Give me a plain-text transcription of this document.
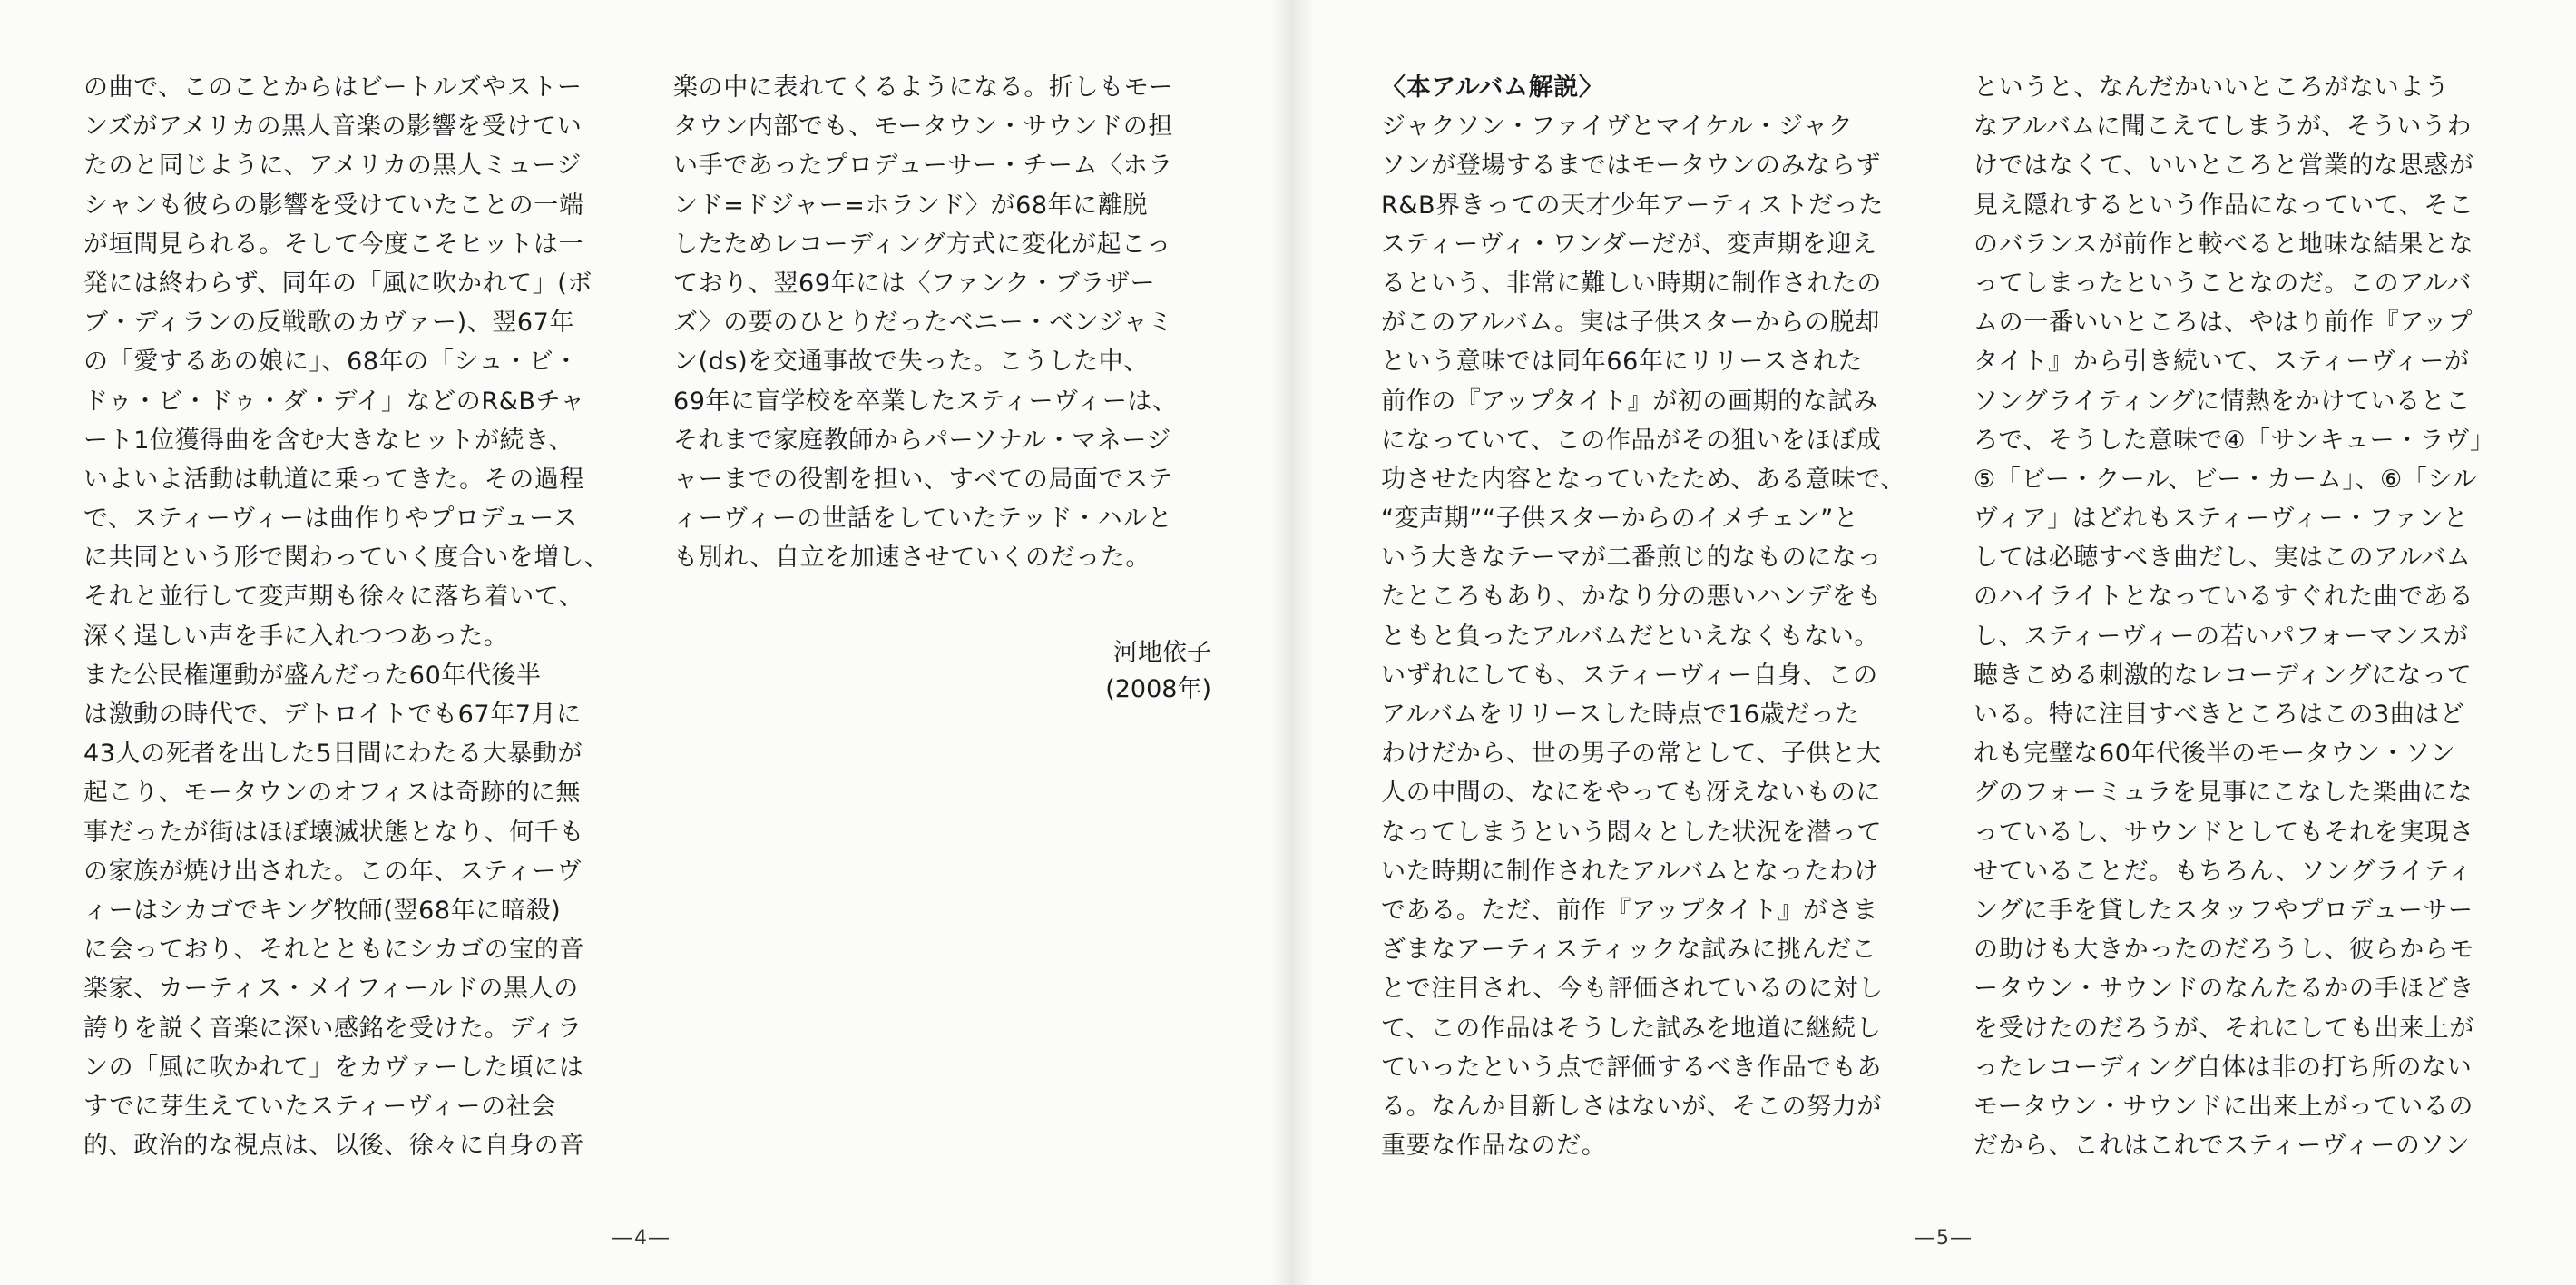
の曲で、このことからはビートルズやストー
ンズがアメリカの黒人音楽の影響を受けてい
たのと同じように、アメリカの黒人ミュージ
シャンも彼らの影響を受けていたことの一端
が垣間見られる。そして今度こそヒットは一
発には終わらず、同年の「風に吹かれて」(ボ
ブ・ディランの反戦歌のカヴァー)、翌67年
の「愛するあの娘に」、68年の「シュ・ビ・
ドゥ・ビ・ドゥ・ダ・デイ」などのR&Bチャ
ート1位獲得曲を含む大きなヒットが続き、
いよいよ活動は軌道に乗ってきた。その過程
で、スティーヴィーは曲作りやプロデュース
に共同という形で関わっていく度合いを増し、
それと並行して変声期も徐々に落ち着いて、
深く逞しい声を手に入れつつあった。
また公民権運動が盛んだった60年代後半
は激動の時代で、デトロイトでも67年7月に
43人の死者を出した5日間にわたる大暴動が
起こり、モータウンのオフィスは奇跡的に無
事だったが街はほぼ壊滅状態となり、何千も
の家族が焼け出された。この年、スティーヴ
ィーはシカゴでキング牧師(翌68年に暗殺)
に会っており、それとともにシカゴの宝的音
楽家、カーティス・メイフィールドの黒人の
誇りを説く音楽に深い感銘を受けた。ディラ
ンの「風に吹かれて」をカヴァーした頃には
すでに芽生えていたスティーヴィーの社会
的、政治的な視点は、以後、徐々に自身の音
楽の中に表れてくるようになる。折しもモー
タウン内部でも、モータウン・サウンドの担
い手であったプロデューサー・チーム〈ホラ
ンド=ドジャー=ホランド〉が68年に離脱
したためレコーディング方式に変化が起こっ
ており、翌69年には〈ファンク・ブラザー
ズ〉の要のひとりだったベニー・ベンジャミ
ン(ds)を交通事故で失った。こうした中、
69年に盲学校を卒業したスティーヴィーは、
それまで家庭教師からパーソナル・マネージ
ャーまでの役割を担い、すべての局面でステ
ィーヴィーの世話をしていたテッド・ハルと
も別れ、自立を加速させていくのだった。
〈本アルバム解説〉
ジャクソン・ファイヴとマイケル・ジャク
ソンが登場するまではモータウンのみならず
R&B界きっての天才少年アーティストだった
スティーヴィ・ワンダーだが、変声期を迎え
るという、非常に難しい時期に制作されたの
がこのアルバム。実は子供スターからの脱却
という意味では同年66年にリリースされた
前作の『アップタイト』が初の画期的な試み
になっていて、この作品がその狙いをほぼ成
功させた内容となっていたため、ある意味で、
“変声期”“子供スターからのイメチェン”と
いう大きなテーマが二番煎じ的なものになっ
たところもあり、かなり分の悪いハンデをも
ともと負ったアルバムだといえなくもない。
いずれにしても、スティーヴィー自身、この
アルバムをリリースした時点で16歳だった
わけだから、世の男子の常として、子供と大
人の中間の、なにをやっても冴えないものに
なってしまうという悶々とした状況を潜って
いた時期に制作されたアルバムとなったわけ
である。ただ、前作『アップタイト』がさま
ざまなアーティスティックな試みに挑んだこ
とで注目され、今も評価されているのに対し
て、この作品はそうした試みを地道に継続し
ていったという点で評価するべき作品でもあ
る。なんか目新しさはないが、そこの努力が
重要な作品なのだ。
というと、なんだかいいところがないよう
なアルバムに聞こえてしまうが、そういうわ
けではなくて、いいところと営業的な思惑が
見え隠れするという作品になっていて、そこ
のバランスが前作と較べると地味な結果とな
ってしまったということなのだ。このアルバ
ムの一番いいところは、やはり前作『アップ
タイト』から引き続いて、スティーヴィーが
ソングライティングに情熱をかけているとこ
ろで、そうした意味で④「サンキュー・ラヴ」
⑤「ビー・クール、ビー・カーム」、⑥「シル
ヴィア」はどれもスティーヴィー・ファンと
しては必聴すべき曲だし、実はこのアルバム
のハイライトとなっているすぐれた曲である
し、スティーヴィーの若いパフォーマンスが
聴きこめる刺激的なレコーディングになって
いる。特に注目すべきところはこの3曲はど
れも完璧な60年代後半のモータウン・ソン
グのフォーミュラを見事にこなした楽曲にな
っているし、サウンドとしてもそれを実現さ
せていることだ。もちろん、ソングライティ
ングに手を貸したスタッフやプロデューサー
の助けも大きかったのだろうし、彼らからモ
ータウン・サウンドのなんたるかの手ほどき
を受けたのだろうが、それにしても出来上が
ったレコーディング自体は非の打ち所のない
モータウン・サウンドに出来上がっているの
だから、これはこれでスティーヴィーのソン
河地依子
(2008年)
―4―	―5―
